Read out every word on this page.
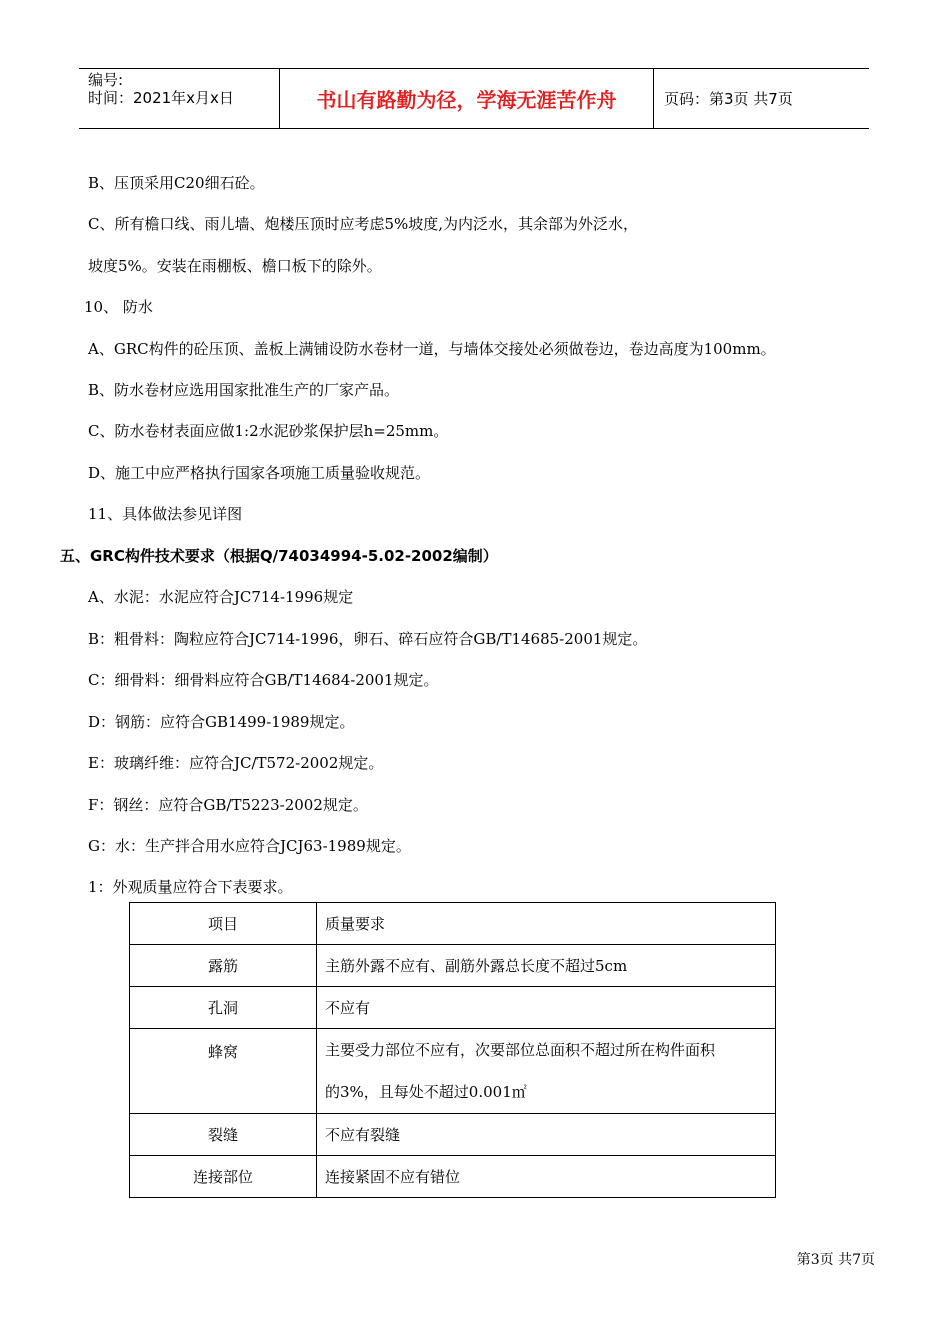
编号:
时间：2021年x月x日	书山有路勤为径，学海无涯苦作舟	页码：第3页 共7页
B、压顶采用C20细石砼。
C、所有檐口线、雨儿墙、炮楼压顶时应考虑5%坡度,为内泛水，其余部为外泛水，
坡度5%。安装在雨棚板、檐口板下的除外。
10、 防水
A、GRC构件的砼压顶、盖板上满铺设防水卷材一道，与墙体交接处必须做卷边，卷边高度为100mm。
B、防水卷材应选用国家批准生产的厂家产品。
C、防水卷材表面应做1:2水泥砂浆保护层h=25mm。
D、施工中应严格执行国家各项施工质量验收规范。
11、具体做法参见详图
五、GRC构件技术要求（根据Q/74034994-5.02-2002编制）
A、水泥：水泥应符合JC714-1996规定
B：粗骨料：陶粒应符合JC714-1996，卵石、碎石应符合GB/T14685-2001规定。
C：细骨料：细骨料应符合GB/T14684-2001规定。
D：钢筋：应符合GB1499-1989规定。
E：玻璃纤维：应符合JC/T572-2002规定。
F：钢丝：应符合GB/T5223-2002规定。
G：水：生产拌合用水应符合JCJ63-1989规定。
1：外观质量应符合下表要求。
项目	质量要求
露筋	主筋外露不应有、副筋外露总长度不超过5cm
孔洞	不应有
蜂窝	主要受力部位不应有，次要部位总面积不超过所在构件面积
的3%，且每处不超过0.001㎡

裂缝	不应有裂缝
连接部位	连接紧固不应有错位
第3页 共7页
